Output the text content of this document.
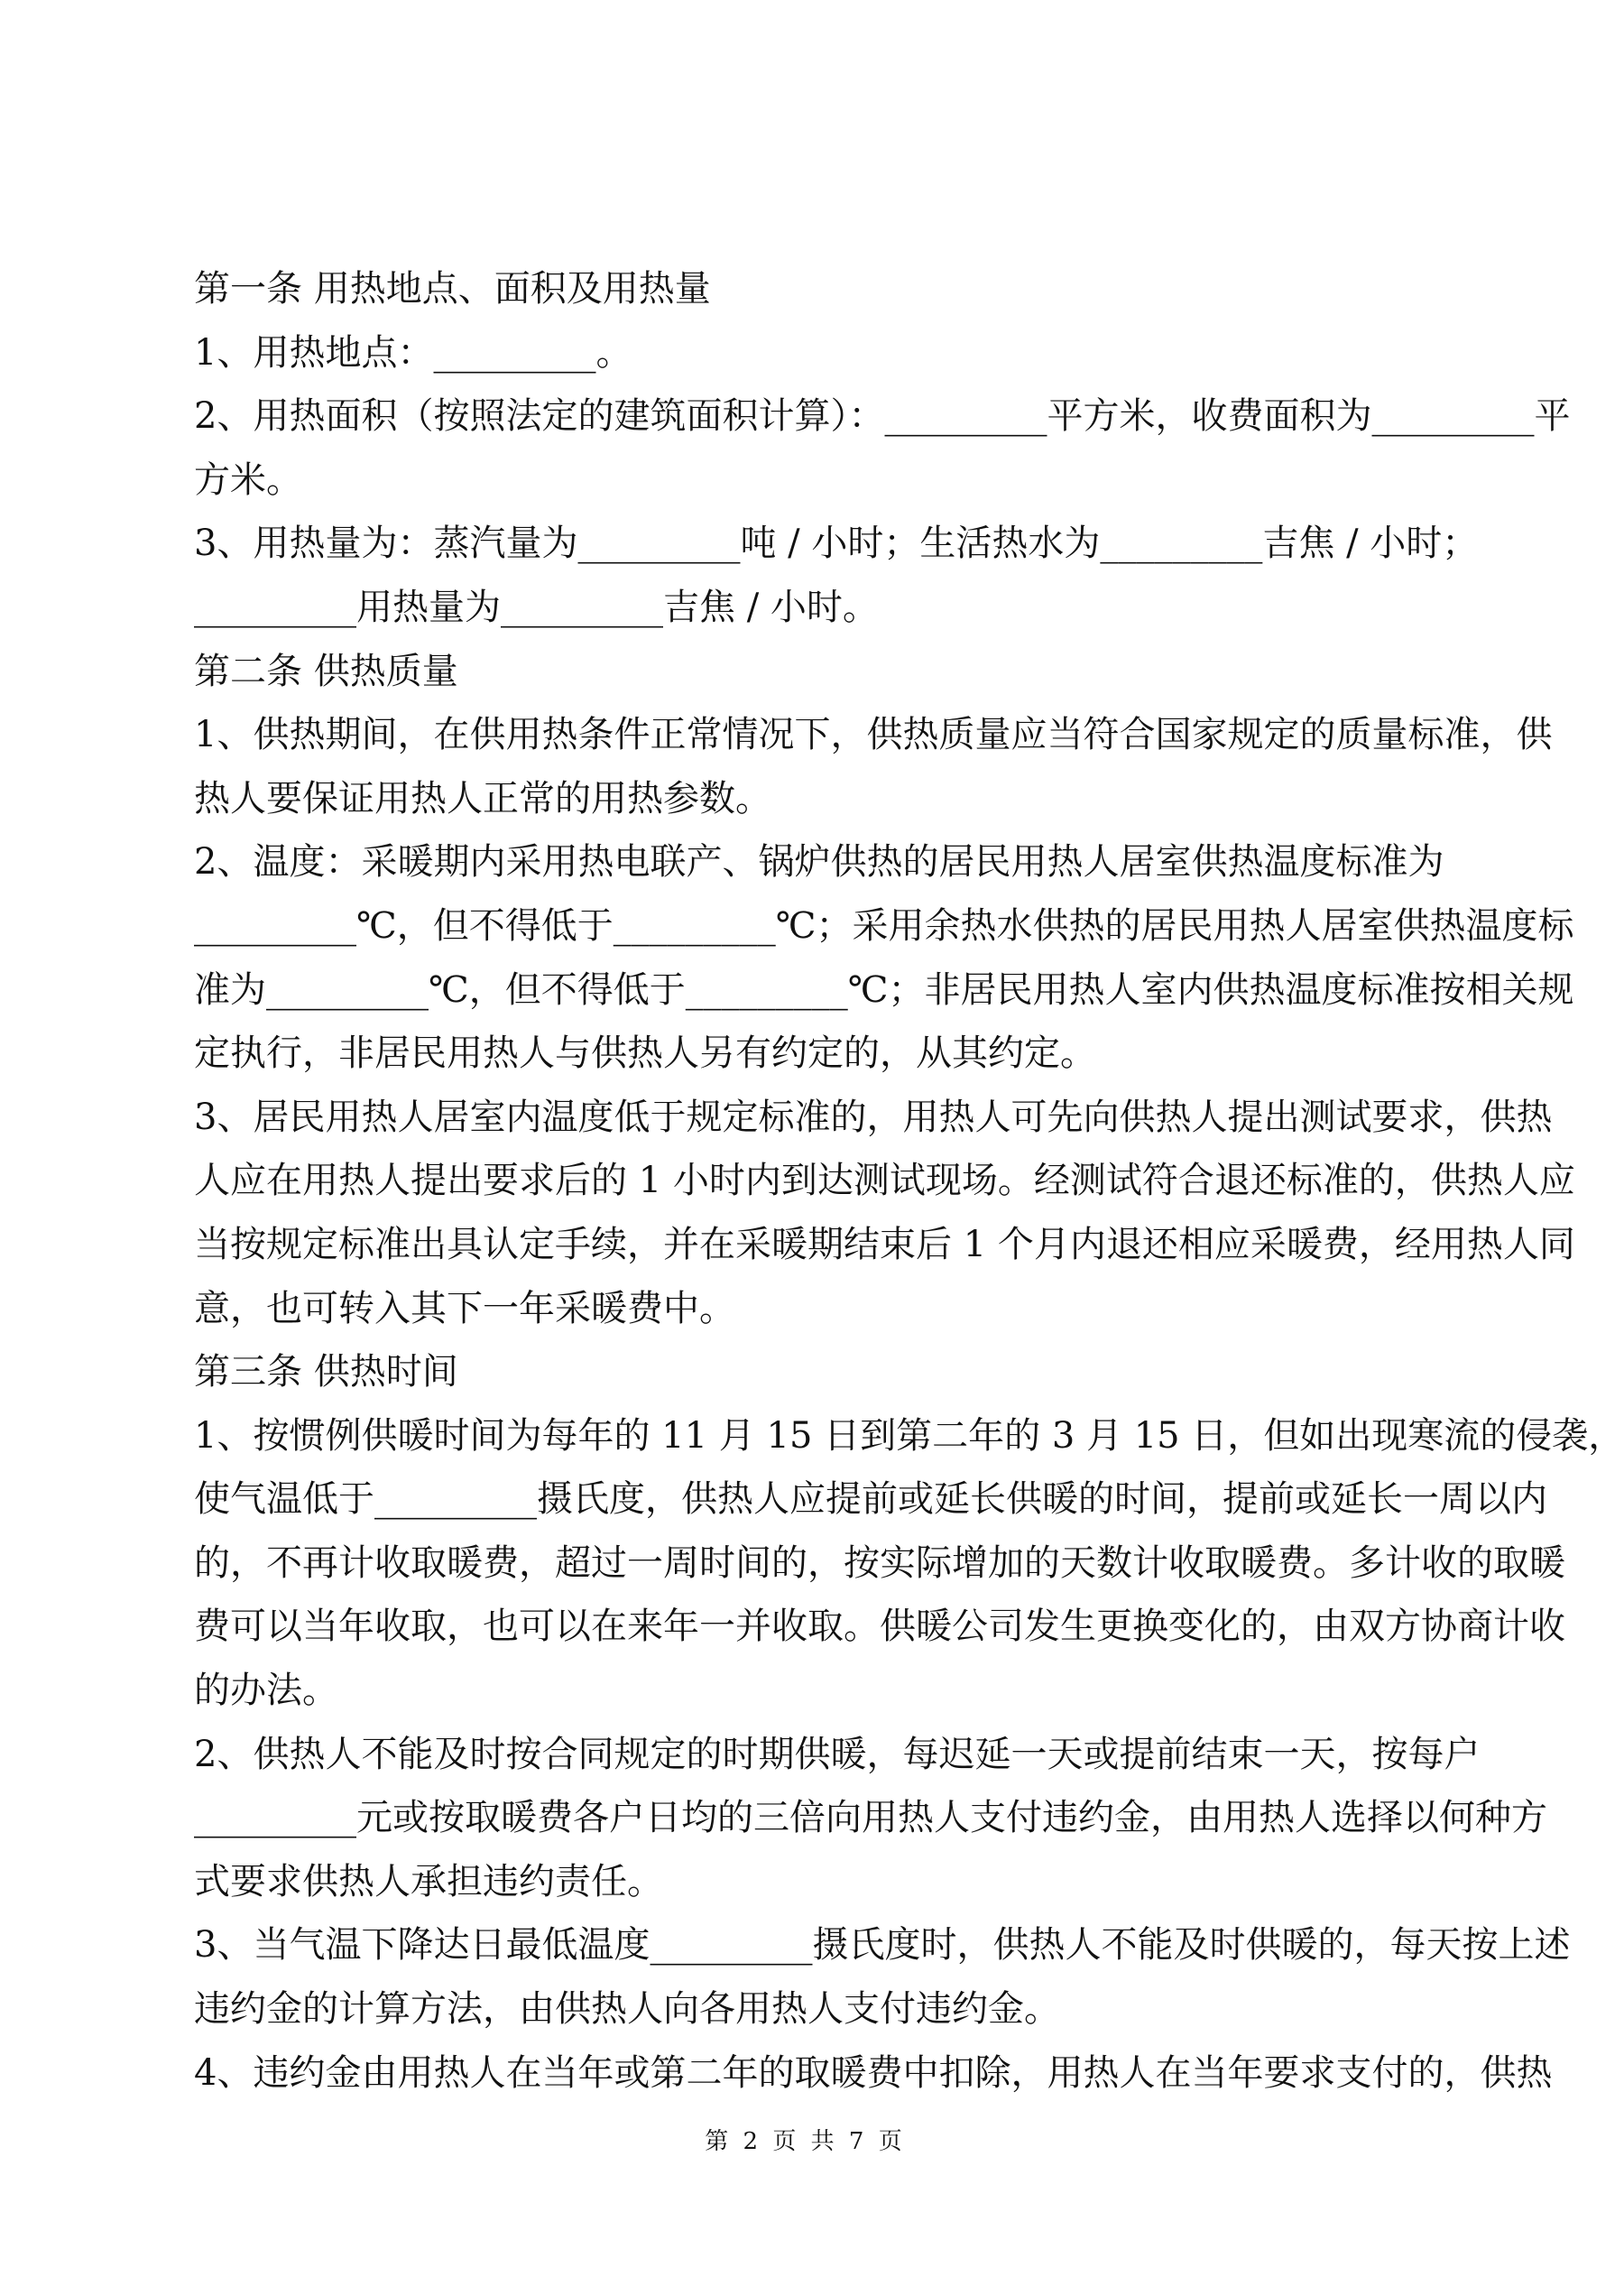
第一条 用热地点、面积及用热量
1、用热地点：_________。
2、用热面积（按照法定的建筑面积计算）：_________平方米，收费面积为_________平
方米。
3、用热量为：蒸汽量为_________吨 / 小时；生活热水为_________吉焦 / 小时；
_________用热量为_________吉焦 / 小时。
第二条 供热质量
1、供热期间，在供用热条件正常情况下，供热质量应当符合国家规定的质量标准，供
热人要保证用热人正常的用热参数。
2、温度：采暖期内采用热电联产、锅炉供热的居民用热人居室供热温度标准为
_________℃，但不得低于_________℃；采用余热水供热的居民用热人居室供热温度标
准为_________℃，但不得低于_________℃；非居民用热人室内供热温度标准按相关规
定执行，非居民用热人与供热人另有约定的，从其约定。
3、居民用热人居室内温度低于规定标准的，用热人可先向供热人提出测试要求，供热
人应在用热人提出要求后的 1 小时内到达测试现场。经测试符合退还标准的，供热人应
当按规定标准出具认定手续，并在采暖期结束后 1 个月内退还相应采暖费，经用热人同
意，也可转入其下一年采暖费中。
第三条 供热时间
1、按惯例供暖时间为每年的 11 月 15 日到第二年的 3 月 15 日，但如出现寒流的侵袭，
使气温低于_________摄氏度，供热人应提前或延长供暖的时间，提前或延长一周以内
的，不再计收取暖费，超过一周时间的，按实际增加的天数计收取暖费。多计收的取暖
费可以当年收取，也可以在来年一并收取。供暖公司发生更换变化的，由双方协商计收
的办法。
2、供热人不能及时按合同规定的时期供暖，每迟延一天或提前结束一天，按每户
_________元或按取暖费各户日均的三倍向用热人支付违约金，由用热人选择以何种方
式要求供热人承担违约责任。
3、当气温下降达日最低温度_________摄氏度时，供热人不能及时供暖的，每天按上述
违约金的计算方法，由供热人向各用热人支付违约金。
4、违约金由用热人在当年或第二年的取暖费中扣除，用热人在当年要求支付的，供热
第 2 页 共 7 页
